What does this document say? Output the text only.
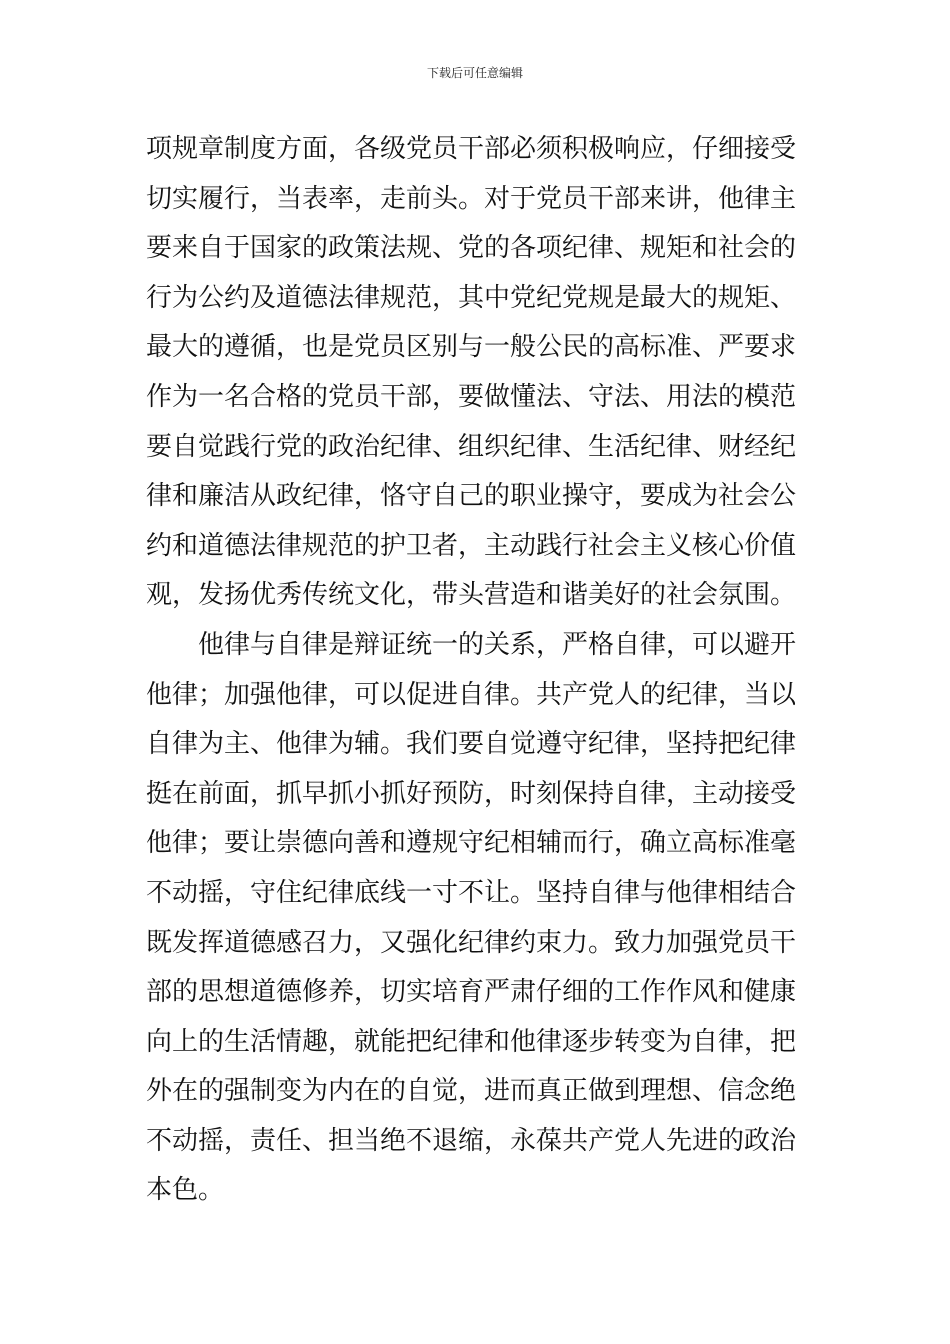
下载后可任意编辑
项规章制度方面，各级党员干部必须积极响应，仔细接受
切实履行，当表率，走前头。对于党员干部来讲，他律主
要来自于国家的政策法规、党的各项纪律、规矩和社会的
行为公约及道德法律规范，其中党纪党规是最大的规矩、
最大的遵循，也是党员区别与一般公民的高标准、严要求
作为一名合格的党员干部，要做懂法、守法、用法的模范
要自觉践行党的政治纪律、组织纪律、生活纪律、财经纪
律和廉洁从政纪律，恪守自己的职业操守，要成为社会公
约和道德法律规范的护卫者，主动践行社会主义核心价值
观，发扬优秀传统文化，带头营造和谐美好的社会氛围。
他律与自律是辩证统一的关系，严格自律，可以避开
他律；加强他律，可以促进自律。共产党人的纪律，当以
自律为主、他律为辅。我们要自觉遵守纪律，坚持把纪律
挺在前面，抓早抓小抓好预防，时刻保持自律，主动接受
他律；要让崇德向善和遵规守纪相辅而行，确立高标准毫
不动摇，守住纪律底线一寸不让。坚持自律与他律相结合
既发挥道德感召力，又强化纪律约束力。致力加强党员干
部的思想道德修养，切实培育严肃仔细的工作作风和健康
向上的生活情趣，就能把纪律和他律逐步转变为自律，把
外在的强制变为内在的自觉，进而真正做到理想、信念绝
不动摇，责任、担当绝不退缩，永葆共产党人先进的政治
本色。
